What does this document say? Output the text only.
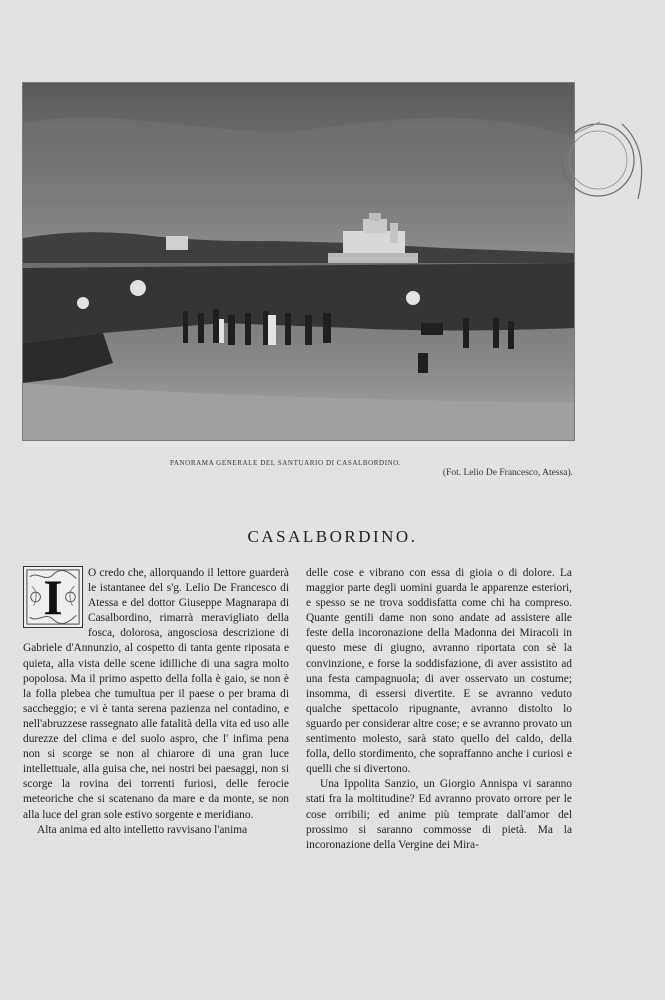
PANORAMA GENERALE DEL SANTUARIO DI CASALBORDINO.
(Fot. Lelio De Francesco, Atessa).
CASALBORDINO.
I	O credo che, allorquando il lettore guarderà le istantanee del s'g. Lelio De Francesco di Atessa e del dottor Giuseppe Magnarapa di Casalbordino, rimarrà meravigliato della fosca, dolorosa, angosciosa descrizione di Gabriele d'Annunzio, al cospetto di tanta gente riposata e quieta, alla vista delle scene idilliche di una sagra molto popolosa. Ma il primo aspetto della folla è gaio, se non è la folla plebea che tumultua per il paese o per brama di saccheggio; e vi è tanta serena pazienza nel contadino, e nell'abruzzese rassegnato alle fatalità della vita ed uso alle durezze del clima e del suolo aspro, che l' infima pena non si scorge se non al chiarore di una gran luce intellettuale, alla guisa che, nei nostri bei paesaggi, non si scorge la rovina dei torrenti furiosi, delle ferocie meteoriche che si scatenano da mare e da monte, se non alla luce del gran sole estivo sorgente e meridiano.

Alta anima ed alto intelletto ravvisano l'anima

delle cose e vibrano con essa di gioia o di dolore. La maggior parte degli uomini guarda le apparenze esteriori, e spesso se ne trova soddisfatta come chi ha compreso. Quante gentili dame non sono andate ad assistere alle feste della incoronazione della Madonna dei Miracoli in questo mese di giugno, avranno riportata con sè la convinzione, e forse la soddisfazione, di aver assistito ad una festa campagnuola; di aver osservato un costume; insomma, di essersi divertite. E se avranno veduto qualche spettacolo ripugnante, avranno distolto lo sguardo per considerar altre cose; e se avranno provato un sentimento molesto, sarà stato quello del caldo, della folla, dello stordimento, che sopraffanno anche i curiosi e quelli che si divertono.

Una Ippolita Sanzio, un Giorgio Annispa vi saranno stati fra la moltitudine? Ed avranno provato orrore per le cose orribili; ed anime più temprate dall'amor del prossimo si saranno commosse di pietà. Ma la incoronazione della Vergine dei Mira-
